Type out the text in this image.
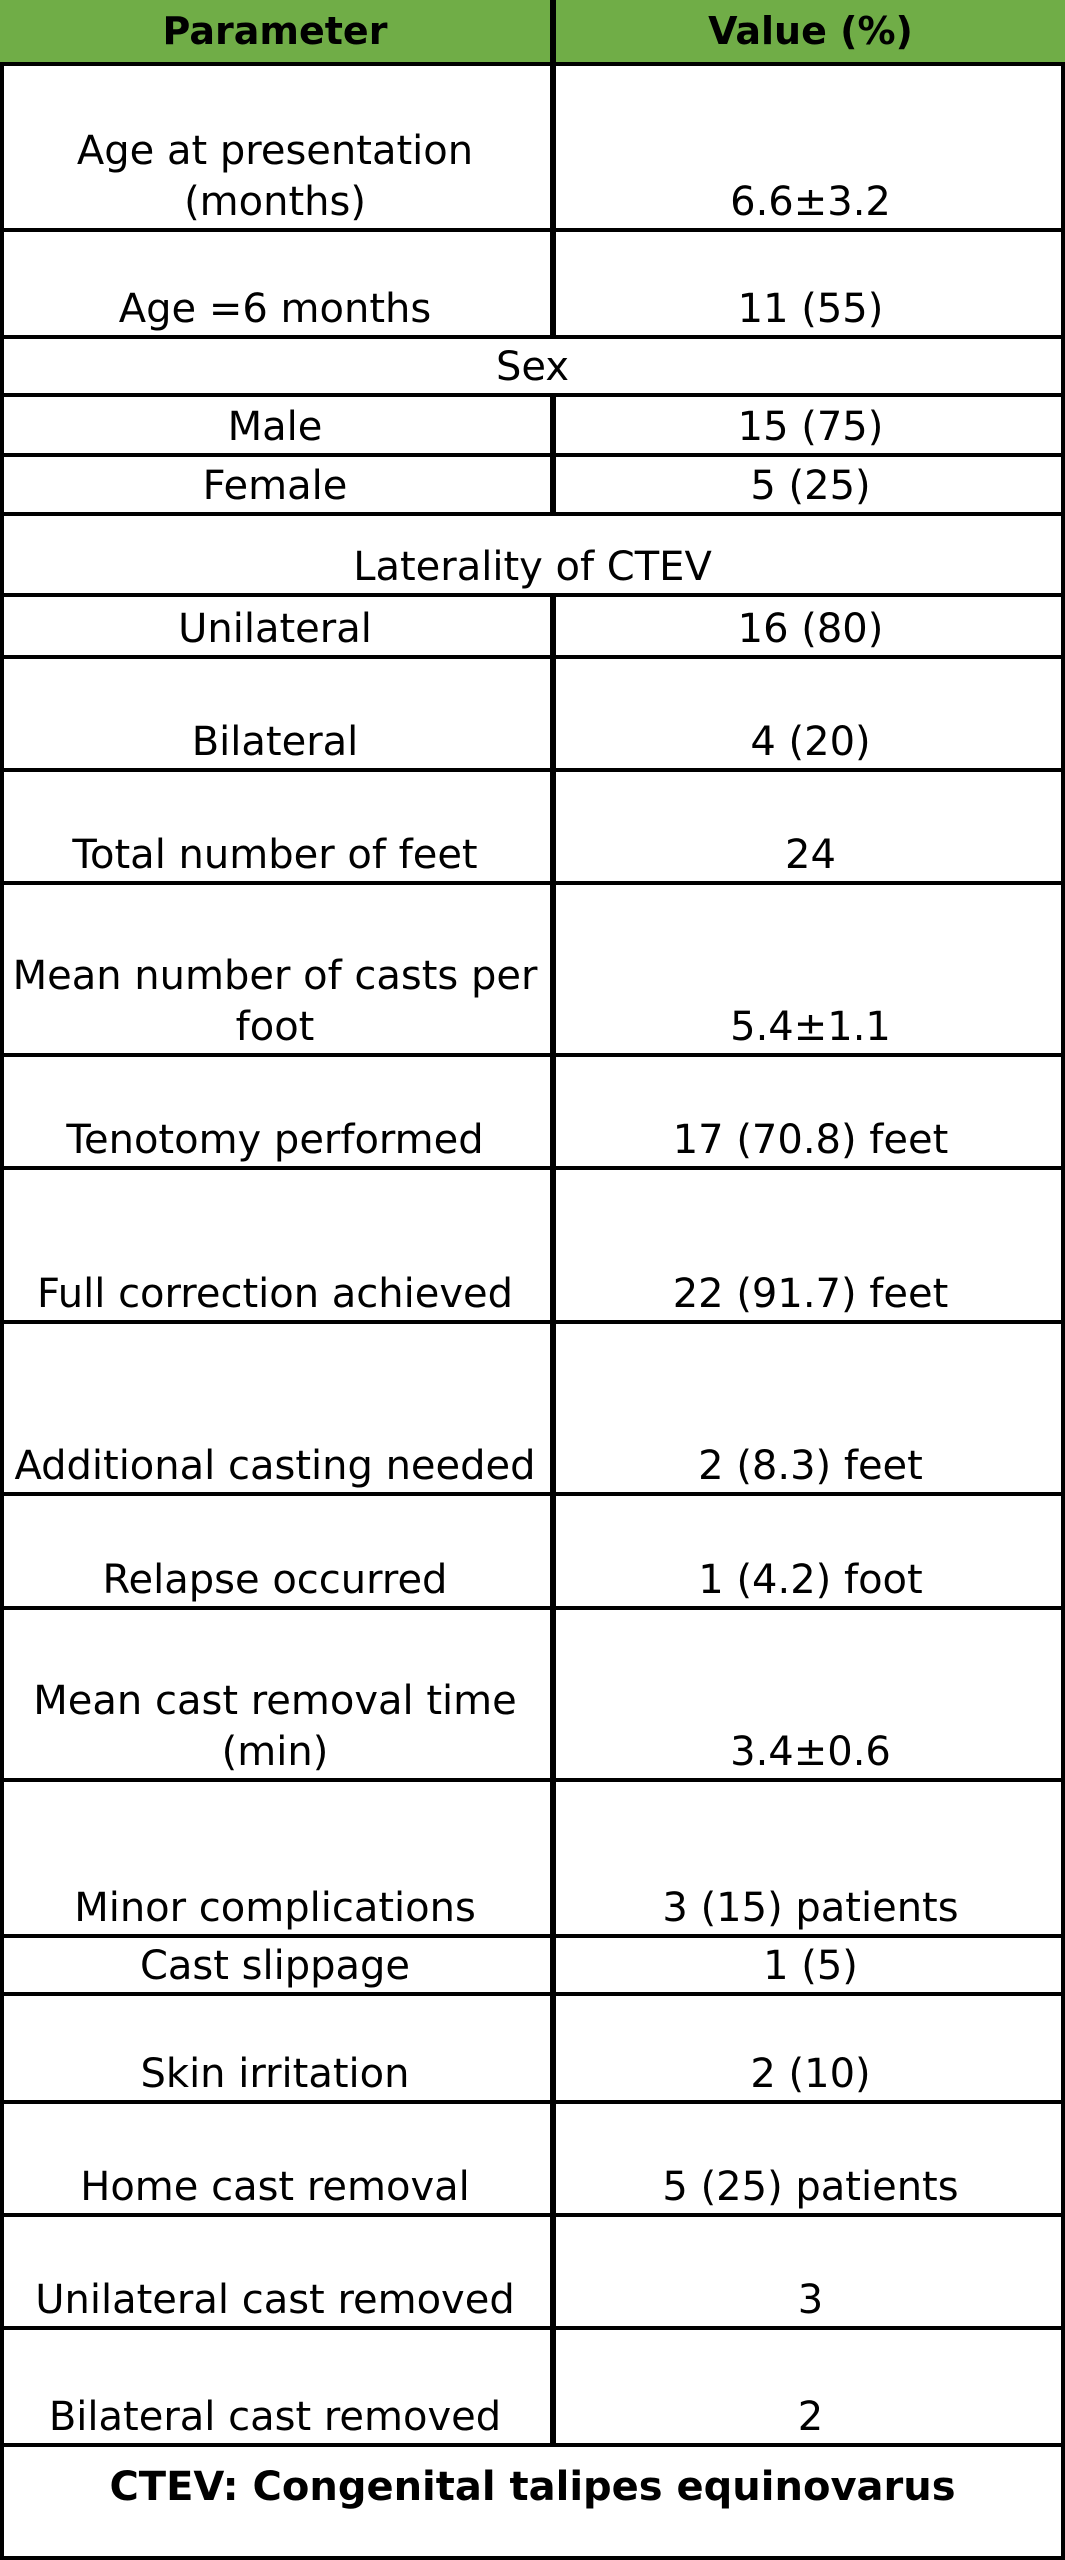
Parameter	Value (%)
Age at presentation (months)	6.6±3.2
Age =6 months	11 (55)
Sex
Male	15 (75)
Female	5 (25)
Laterality of CTEV
Unilateral	16 (80)
Bilateral	4 (20)
Total number of feet	24
Mean number of casts per foot	5.4±1.1
Tenotomy performed	17 (70.8) feet
Full correction achieved	22 (91.7) feet
Additional casting needed	2 (8.3) feet
Relapse occurred	1 (4.2) foot
Mean cast removal time (min)	3.4±0.6
Minor complications	3 (15) patients
Cast slippage	1 (5)
Skin irritation	2 (10)
Home cast removal	5 (25) patients
Unilateral cast removed	3
Bilateral cast removed	2
CTEV: Congenital talipes equinovarus
